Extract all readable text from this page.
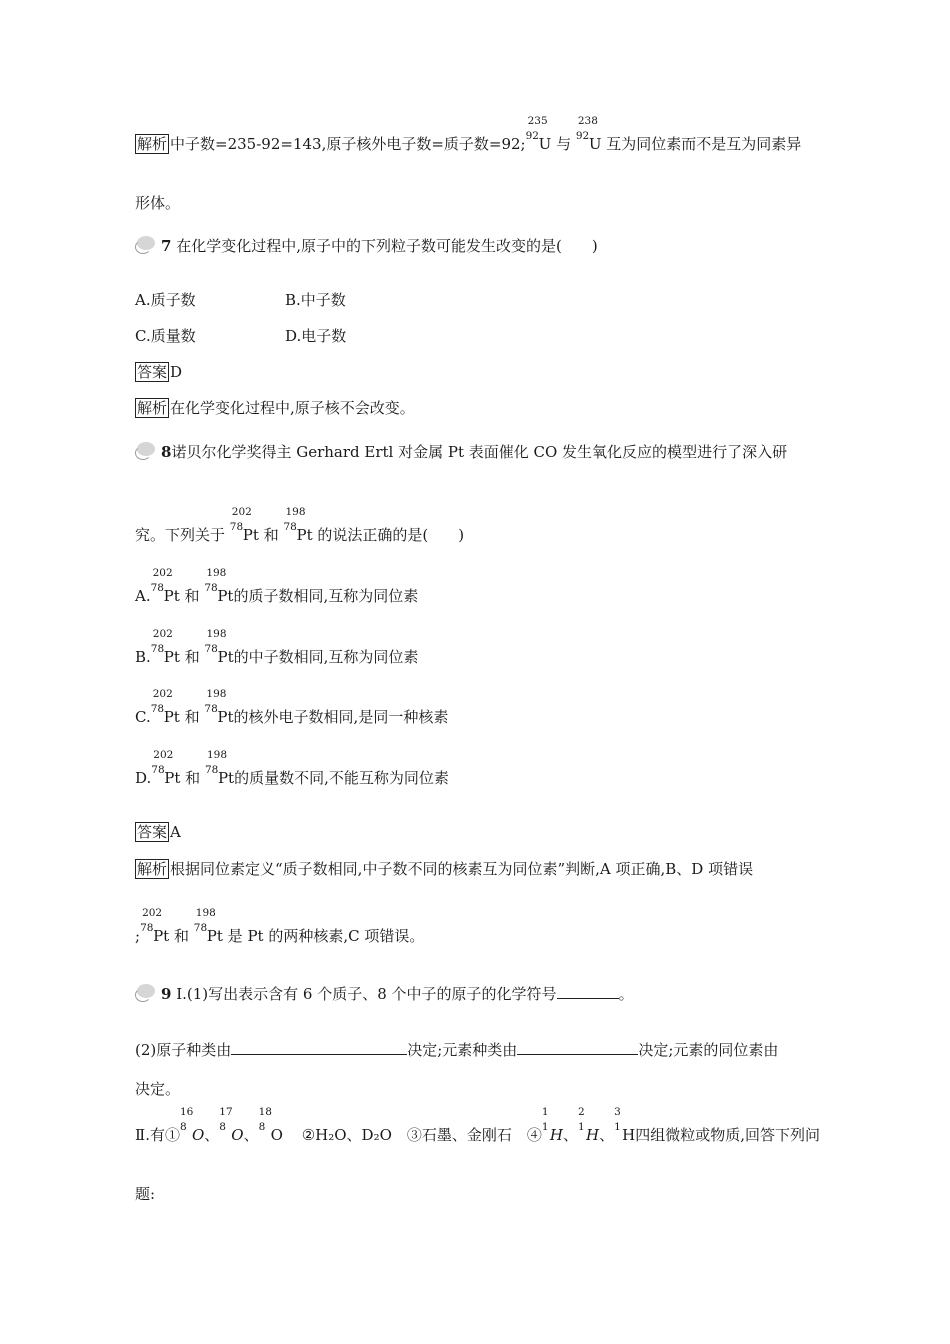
解析 中子数=235-92=143,原子核外电子数=质子数=92;
235
92 U 与
238
92 U 互为同位素而不是互为同素异
形体。
7 在化学变化过程中,原子中的下列粒子数可能发生改变的是(　　)
A.质子数	B.中子数
C.质量数	D.电子数
答案 D
解析 在化学变化过程中,原子核不会改变。
8诺贝尔化学奖得主 Gerhard Ertl 对金属 Pt 表面催化 CO 发生氧化反应的模型进行了深入研
究。下列关于
202
78 Pt 和
198
78 Pt 的说法正确的是(　　)
A.
202
78 Pt 和
198
78 Pt的质子数相同,互称为同位素
B.
202
78 Pt 和
198
78 Pt的中子数相同,互称为同位素
C.
202
78 Pt 和
198
78 Pt的核外电子数相同,是同一种核素
D.
202
78 Pt 和
198
78 Pt的质量数不同,不能互称为同位素
答案 A
解析 根据同位素定义“质子数相同,中子数不同的核素互为同位素”判断,A 项正确,B、D 项错误
;
202
78 Pt 和
198
78 Pt 是 Pt 的两种核素,C 项错误。
9 Ⅰ.(1)写出表示含有 6 个质子、8 个中子的原子的化学符号	。
(2)原子种类由	决定;元素种类由	决定;元素的同位素由
决定。
Ⅱ.有①
16
8 O、
17
8 O、
18
8 O ②H₂O、D₂O　③石墨、金刚石　④
1
1 H、
2
1 H、
3
1 H四组微粒或物质,回答下列问
题:
